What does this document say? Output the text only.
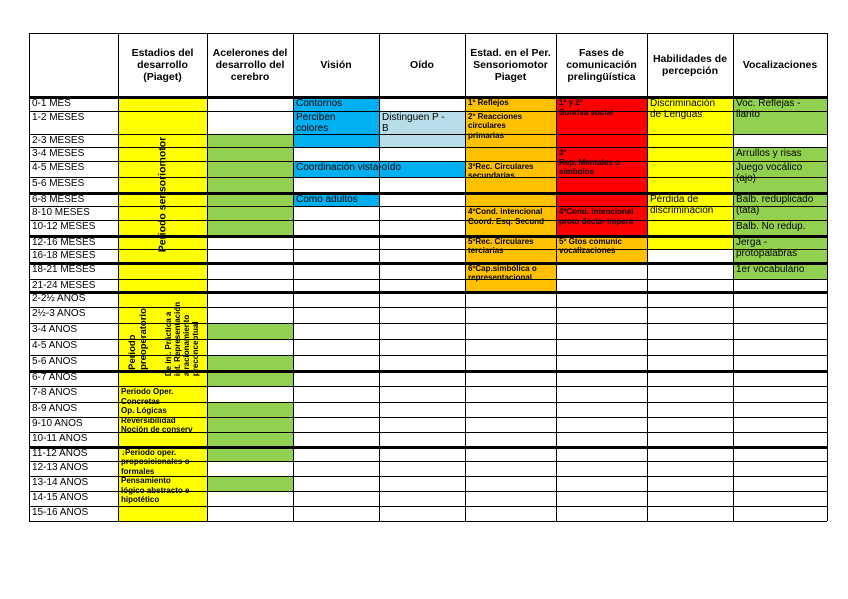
Estadios del desarrollo (Piaget)
Acelerones del desarrollo del cerebro
Visión	Oído
Estad. en el Per. Sensoriomotor Piaget
Fases de comunicación prelingüística
Habilidades de percepción	Vocalizaciones
0-1 MES
1-2 MESES
2-3 MESES
3-4 MESES
4-5 MESES
5-6 MESES
6-8 MESES
8-10 MESES
10-12 MESES
12-16 MESES
16-18 MESES
18-21 MESES
21-24 MESES
2-2½ AÑOS
2½-3 AÑOS
3-4 AÑOS
4-5 AÑOS
5-6 AÑOS
6-7 AÑOS
7-8 AÑOS
8-9 AÑOS
9-10 AÑOS
10-11 AÑOS
11-12 AÑOS
12-13 AÑOS
13-14 AÑOS
14-15 AÑOS
15-16 AÑOS
Periodo sensoriomotor
Periodo
preoperatorio
De int. Práctica a
int. Representación
a racionamiento
preconceptual
Periodo Oper.
Concretas
Op. Lógicas
Reversibilidad
Noción de conserv
↓Periodo oper.
proposicionales o
formales
Pensamiento
lógico abstracto e
hipotético
Contornos
Perciben
colores
Coordinación vista-oído
Como adultos
Distinguen P -
B
1º Reflejos
2º Reacciones
circulares
primarias
3ºRec. Circulares
secundarias
4ºCond. intencional
Coord. Esq. Secund
5ºRec. Circulares
terciarias
6ºCap.simbólica o
representacional
1º y 2º
Sonrisa social
3º
Rep. Mentales o
símbolos
4ºCond. intencional
proto decla- impera
5º Gtos comunic
vocalizaciones
Discriminación
de Lenguas
Pérdida de
discriminación
Voc. Reflejas -
llanto
Arrullos y risas
Juego vocálico
(ajo)
Balb. reduplicado
(tata)
Balb. No redup.
Jerga -
protopalabras
1er vocabulario
